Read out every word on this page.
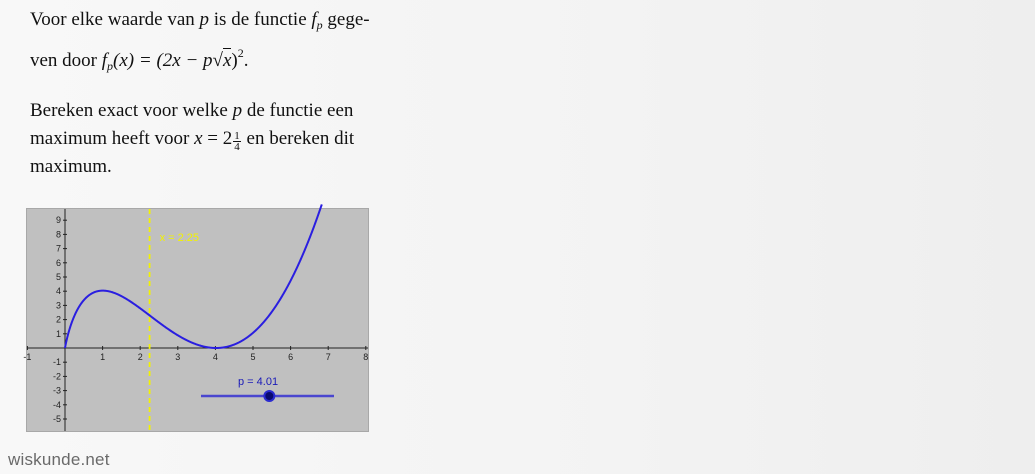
Voor elke waarde van p is de functie $f_p$ gege-
ven door $f_p(x) = (2x - p√x)^2$.

Bereken exact voor welke p de functie een
maximum heeft voor $x = 2 \frac{1}{4}$ en bereken dit
maximum.

9
8
7
6
5
4
3
2
1
-1
-2
-3
-4
-5
-1	1	2	3	4	5	6	7	8
x = 2.25
p = 4.01
wiskunde.net
